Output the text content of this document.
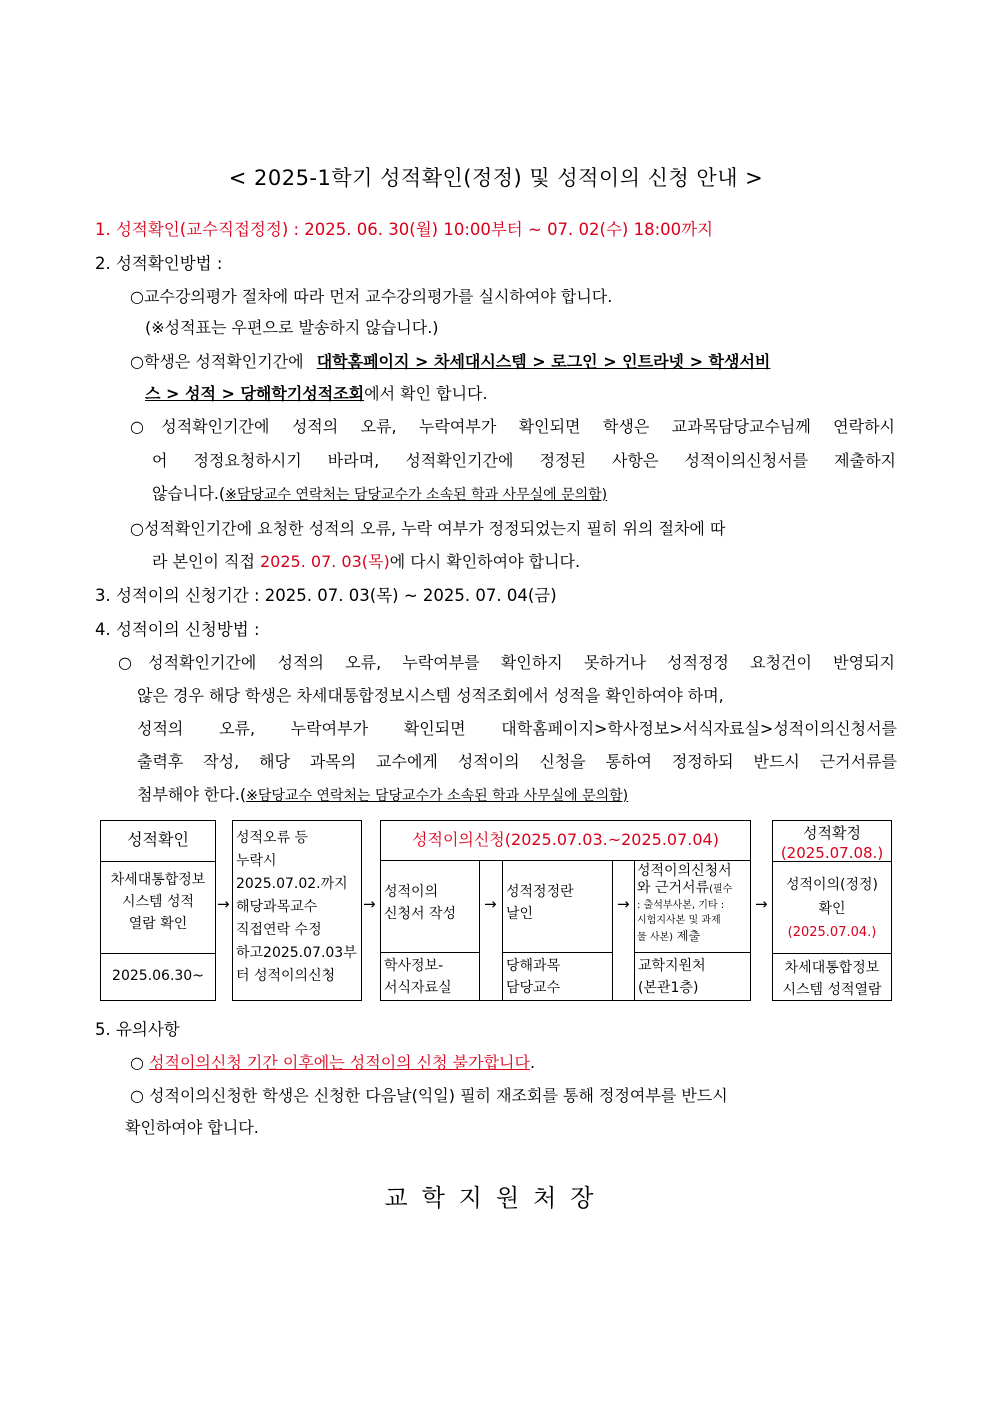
< 2025-1학기 성적확인(정정) 및 성적이의 신청 안내 >
1. 성적확인(교수직접정정) : 2025. 06. 30(월) 10:00부터 ~ 07. 02(수) 18:00까지
2. 성적확인방법 :
○교수강의평가 절차에 따라 먼저 교수강의평가를 실시하여야 합니다.
(※성적표는 우편으로 발송하지 않습니다.)
○학생은 성적확인기간에 대학홈페이지 > 차세대시스템 > 로그인 > 인트라넷 > 학생서비
스 > 성적 > 당해학기성적조회에서 확인 합니다.
○성적확인기간에 성적의 오류, 누락여부가 확인되면 학생은 교과목담당교수님께 연락하시
어 정정요청하시기 바라며, 성적확인기간에 정정된 사항은 성적이의신청서를 제출하지
않습니다.(※담당교수 연락처는 담당교수가 소속된 학과 사무실에 문의함)
○성적확인기간에 요청한 성적의 오류, 누락 여부가 정정되었는지 필히 위의 절차에 따
라 본인이 직접 2025. 07. 03(목)에 다시 확인하여야 합니다.
3. 성적이의 신청기간 : 2025. 07. 03(목) ~ 2025. 07. 04(금)
4. 성적이의 신청방법 :
○성적확인기간에 성적의 오류, 누락여부를 확인하지 못하거나 성적정정 요청건이 반영되지
않은 경우 해당 학생은 차세대통합정보시스템 성적조회에서 성적을 확인하여야 하며,
성적의 오류, 누락여부가 확인되면 대학홈페이지>학사정보>서식자료실>성적이의신청서를
출력후 작성, 해당 과목의 교수에게 성적이의 신청을 통하여 정정하되 반드시 근거서류를
첨부해야 한다.(※담당교수 연락처는 담당교수가 소속된 학과 사무실에 문의함)
성적확인
차세대통합정보
시스템 성적
열람 확인
2025.06.30~
→
성적오류 등
누락시
2025.07.02.까지
해당과목교수
직접연락 수정
하고2025.07.03부
터 성적이의신청
→
성적이의신청(2025.07.03.~2025.07.04)
성적이의
신청서 작성
학사정보-
서식자료실
→
성적정정란
날인
당해과목
담당교수
→
성적이의신청서
와 근거서류(필수
: 출석부사본, 기타 :
시험지사본 및 과제
물 사본) 제출
교학지원처
(본관1층)
→
성적확정
(2025.07.08.)
성적이의(정정)
확인
(2025.07.04.)
차세대통합정보
시스템 성적열람
5. 유의사항
○ 성적이의신청 기간 이후에는 성적이의 신청 불가합니다.
○ 성적이의신청한 학생은 신청한 다음날(익일) 필히 재조회를 통해 정정여부를 반드시
확인하여야 합니다.
교학지원처장
